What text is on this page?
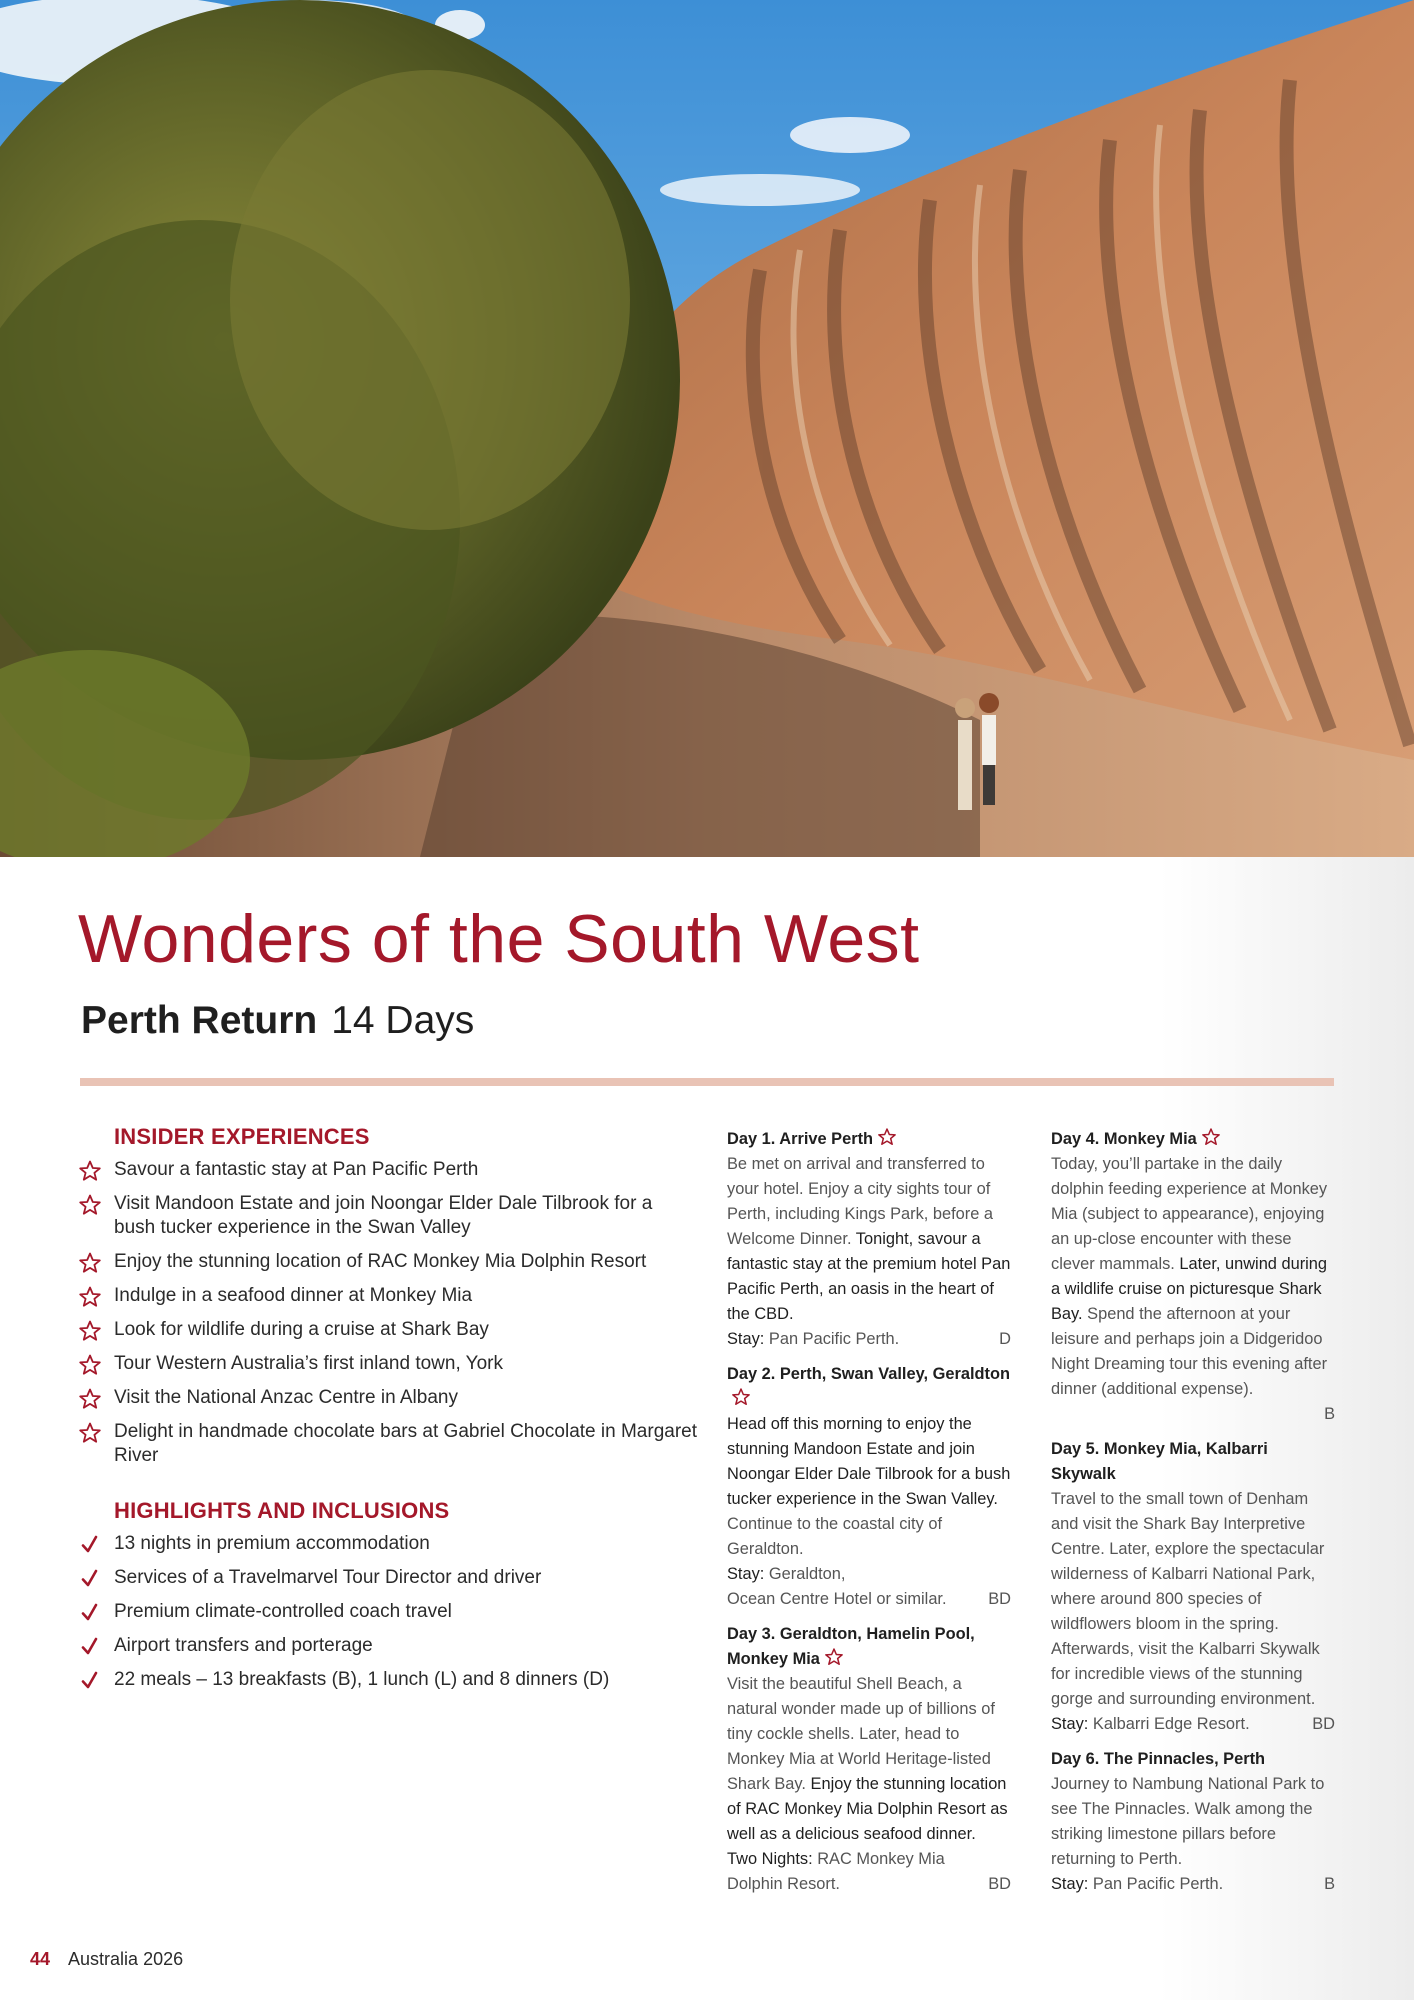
Wonders of the South West
Perth Return 14 Days
INSIDER EXPERIENCES
Savour a fantastic stay at Pan Pacific Perth
Visit Mandoon Estate and join Noongar Elder Dale Tilbrook for a bush tucker experience in the Swan Valley
Enjoy the stunning location of RAC Monkey Mia Dolphin Resort
Indulge in a seafood dinner at Monkey Mia
Look for wildlife during a cruise at Shark Bay
Tour Western Australia’s first inland town, York
Visit the National Anzac Centre in Albany
Delight in handmade chocolate bars at Gabriel Chocolate in Margaret River
HIGHLIGHTS AND INCLUSIONS
13 nights in premium accommodation
Services of a Travelmarvel Tour Director and driver
Premium climate-controlled coach travel
Airport transfers and porterage
22 meals – 13 breakfasts (B), 1 lunch (L) and 8 dinners (D)
Day 1. Arrive Perth
Be met on arrival and transferred to your hotel. Enjoy a city sights tour of Perth, including Kings Park, before a Welcome Dinner. Tonight, savour a fantastic stay at the premium hotel Pan Pacific Perth, an oasis in the heart of the CBD.
Stay: Pan Pacific Perth.	D
Day 2. Perth, Swan Valley, Geraldton
Head off this morning to enjoy the stunning Mandoon Estate and join Noongar Elder Dale Tilbrook for a bush tucker experience in the Swan Valley. Continue to the coastal city of Geraldton.
Stay: Geraldton,
Ocean Centre Hotel or similar.	BD
Day 3. Geraldton, Hamelin Pool, Monkey Mia
Visit the beautiful Shell Beach, a natural wonder made up of billions of tiny cockle shells. Later, head to Monkey Mia at World Heritage-listed Shark Bay. Enjoy the stunning location of RAC Monkey Mia Dolphin Resort as well as a delicious seafood dinner.
Two Nights: RAC Monkey Mia
Dolphin Resort.	BD
Day 4. Monkey Mia
Today, you’ll partake in the daily dolphin feeding experience at Monkey Mia (subject to appearance), enjoying an up-close encounter with these clever mammals. Later, unwind during a wildlife cruise on picturesque Shark Bay. Spend the afternoon at your leisure and perhaps join a Didgeridoo Night Dreaming tour this evening after dinner (additional expense).
B
Day 5. Monkey Mia, Kalbarri Skywalk
Travel to the small town of Denham and visit the Shark Bay Interpretive Centre. Later, explore the spectacular wilderness of Kalbarri National Park, where around 800 species of wildflowers bloom in the spring. Afterwards, visit the Kalbarri Skywalk for incredible views of the stunning gorge and surrounding environment.
Stay: Kalbarri Edge Resort.	BD
Day 6. The Pinnacles, Perth
Journey to Nambung National Park to see The Pinnacles. Walk among the striking limestone pillars before returning to Perth.
Stay: Pan Pacific Perth.	B
44 Australia 2026
